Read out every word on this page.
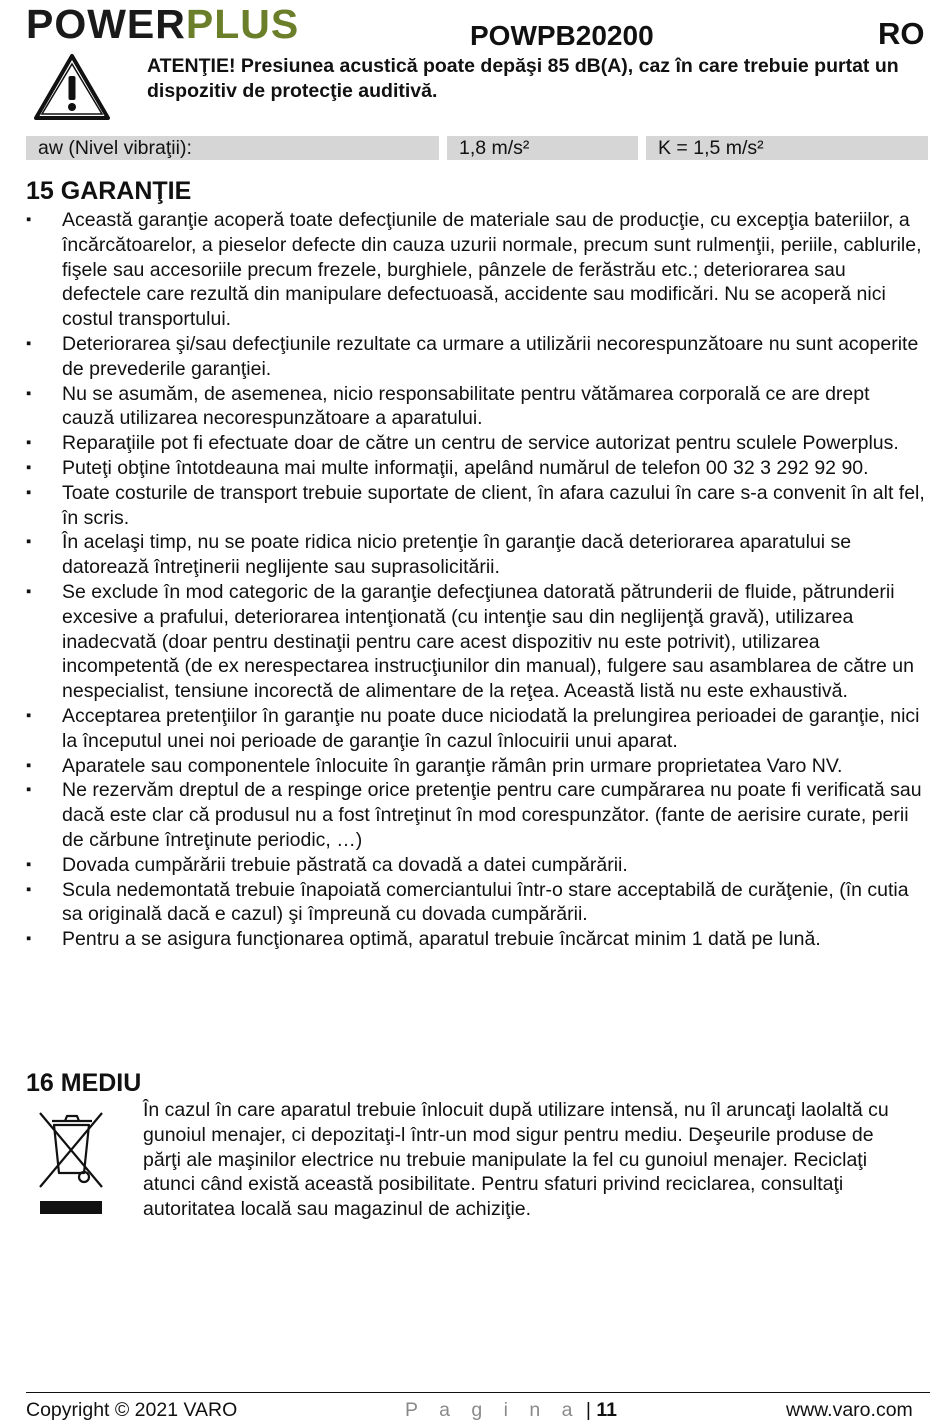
POWERPLUS	POWPB20200	RO
ATENŢIE! Presiunea acustică poate depăşi 85 dB(A), caz în care trebuie purtat un dispozitiv de protecţie auditivă.
aw (Nivel vibraţii):	1,8 m/s²	K = 1,5 m/s²
15 GARANŢIE
▪ Această garanţie acoperă toate defecţiunile de materiale sau de producţie, cu excepţia bateriilor, a încărcătoarelor, a pieselor defecte din cauza uzurii normale, precum sunt rulmenţii, periile, cablurile, fişele sau accesoriile precum frezele, burghiele, pânzele de ferăstrău etc.; deteriorarea sau defectele care rezultă din manipulare defectuoasă, accidente sau modificări. Nu se acoperă nici costul transportului.
▪ Deteriorarea şi/sau defecţiunile rezultate ca urmare a utilizării necorespunzătoare nu sunt acoperite de prevederile garanţiei.
▪ Nu se asumăm, de asemenea, nicio responsabilitate pentru vătămarea corporală ce are drept cauză utilizarea necorespunzătoare a aparatului.
▪ Reparaţiile pot fi efectuate doar de către un centru de service autorizat pentru sculele Powerplus.
▪ Puteţi obţine întotdeauna mai multe informaţii, apelând numărul de telefon 00 32 3 292 92 90.
▪ Toate costurile de transport trebuie suportate de client, în afara cazului în care s-a convenit în alt fel, în scris.
▪ În acelaşi timp, nu se poate ridica nicio pretenţie în garanţie dacă deteriorarea aparatului se datorează întreţinerii neglijente sau suprasolicitării.
▪ Se exclude în mod categoric de la garanţie defecţiunea datorată pătrunderii de fluide, pătrunderii excesive a prafului, deteriorarea intenţionată (cu intenţie sau din neglijenţă gravă), utilizarea inadecvată (doar pentru destinaţii pentru care acest dispozitiv nu este potrivit), utilizarea incompetentă (de ex nerespectarea instrucţiunilor din manual), fulgere sau asamblarea de către un nespecialist, tensiune incorectă de alimentare de la reţea. Această listă nu este exhaustivă.
▪ Acceptarea pretenţiilor în garanţie nu poate duce niciodată la prelungirea perioadei de garanţie, nici la începutul unei noi perioade de garanţie în cazul înlocuirii unui aparat.
▪ Aparatele sau componentele înlocuite în garanţie rămân prin urmare proprietatea Varo NV.
▪ Ne rezervăm dreptul de a respinge orice pretenţie pentru care cumpărarea nu poate fi verificată sau dacă este clar că produsul nu a fost întreţinut în mod corespunzător. (fante de aerisire curate, perii de cărbune întreţinute periodic, …)
▪ Dovada cumpărării trebuie păstrată ca dovadă a datei cumpărării.
▪ Scula nedemontată trebuie înapoiată comerciantului într-o stare acceptabilă de curăţenie, (în cutia sa originală dacă e cazul) şi împreună cu dovada cumpărării.
▪ Pentru a se asigura funcţionarea optimă, aparatul trebuie încărcat minim 1 dată pe lună.
16 MEDIU
În cazul în care aparatul trebuie înlocuit după utilizare intensă, nu îl aruncaţi laolaltă cu gunoiul menajer, ci depozitaţi-l într-un mod sigur pentru mediu. Deşeurile produse de părţi ale maşinilor electrice nu trebuie manipulate la fel cu gunoiul menajer. Reciclaţi atunci când există această posibilitate. Pentru sfaturi privind reciclarea, consultaţi autoritatea locală sau magazinul de achiziţie.
Copyright © 2021 VARO	P a g i n a | 11	www.varo.com
